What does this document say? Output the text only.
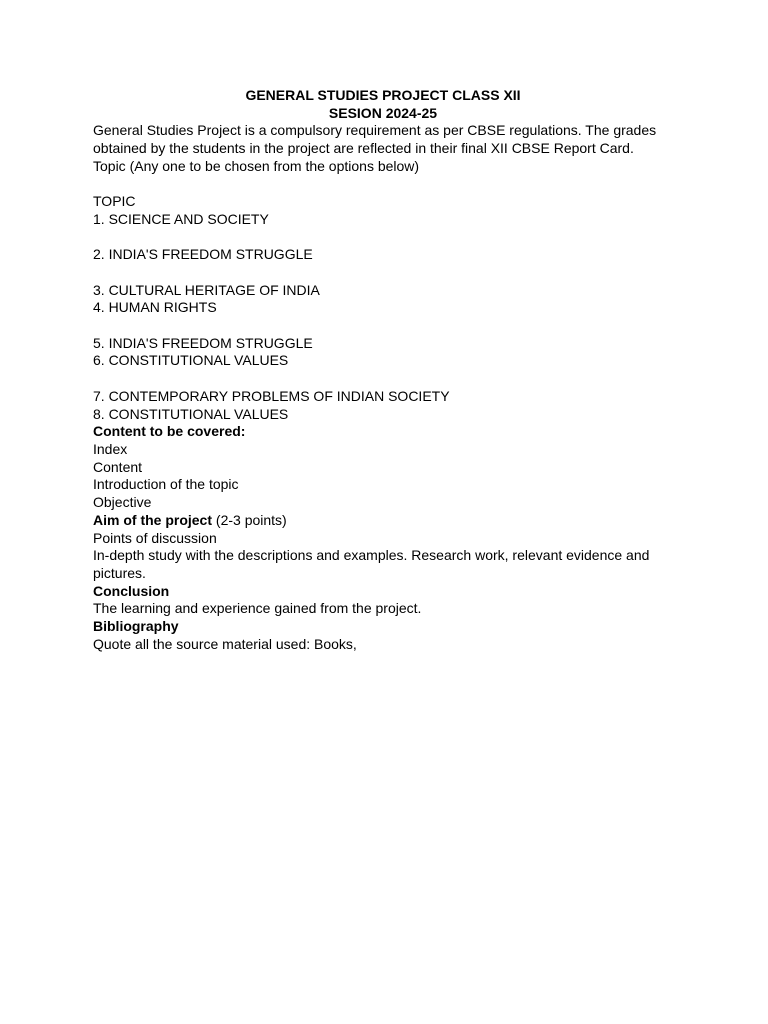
GENERAL STUDIES PROJECT CLASS XII
SESION 2024-25
General Studies Project is a compulsory requirement as per CBSE regulations. The grades obtained by the students in the project are reflected in their final XII CBSE Report Card.
Topic (Any one to be chosen from the options below)
TOPIC
1. SCIENCE AND SOCIETY
2. INDIA'S FREEDOM STRUGGLE
3. CULTURAL HERITAGE OF INDIA
4. HUMAN RIGHTS
5. INDIA'S FREEDOM STRUGGLE
6. CONSTITUTIONAL VALUES
7. CONTEMPORARY PROBLEMS OF INDIAN SOCIETY
8. CONSTITUTIONAL VALUES
Content to be covered:
Index
Content
Introduction of the topic
Objective
Aim of the project (2-3 points)
Points of discussion
In-depth study with the descriptions and examples. Research work, relevant evidence and pictures.
Conclusion
The learning and experience gained from the project.
Bibliography
Quote all the source material used: Books,
